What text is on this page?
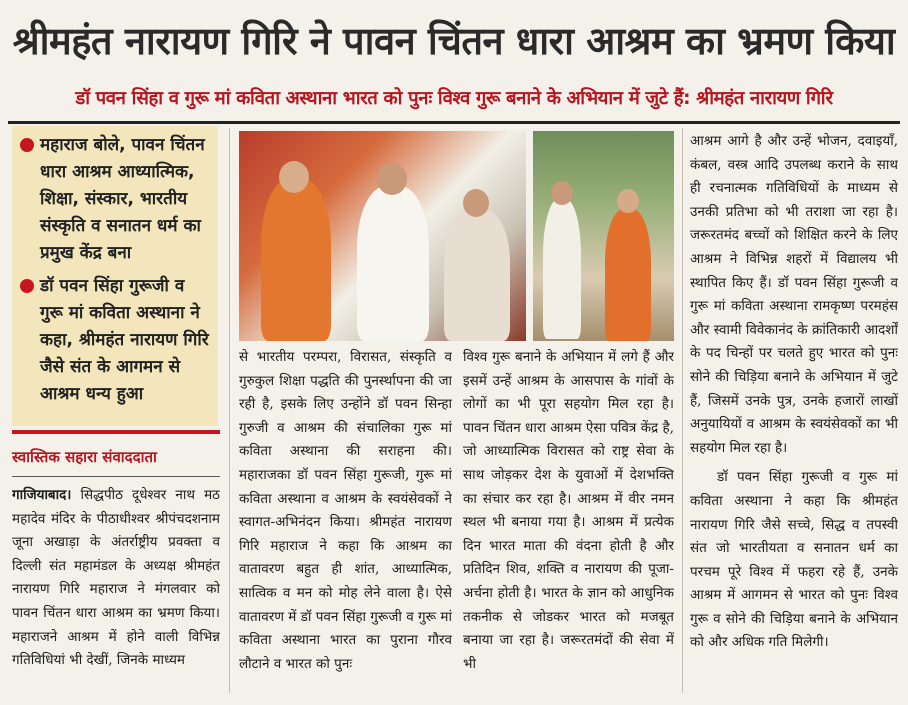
श्रीमहंत नारायण गिरि ने पावन चिंतन धारा आश्रम का भ्रमण किया
डॉ पवन सिंहा व गुरू मां कविता अस्थाना भारत को पुनः विश्व गुरू बनाने के अभियान में जुटे हैं: श्रीमहंत नारायण गिरि
महाराज बोले, पावन चिंतन धारा आश्रम आध्यात्मिक, शिक्षा, संस्कार, भारतीय संस्कृति व सनातन धर्म का प्रमुख केंद्र बना
डॉ पवन सिंहा गुरूजी व गुरू मां कविता अस्थाना ने कहा, श्रीमहंत नारायण गिरि जैसे संत के आगमन से आश्रम धन्य हुआ
स्वास्तिक सहारा संवाददाता

गाजियाबाद। सिद्धपीठ दूधेश्वर नाथ मठ महादेव मंदिर के पीठाधीश्वर श्रीपंचदशनाम जूना अखाड़ा के अंतर्राष्ट्रीय प्रवक्ता व दिल्ली संत महामंडल के अध्यक्ष श्रीमहंत नारायण गिरि महाराज ने मंगलवार को पावन चिंतन धारा आश्रम का भ्रमण किया। महाराजने आश्रम में होने वाली विभिन्न गतिविधियां भी देखीं, जिनके माध्यम

से भारतीय परम्परा, विरासत, संस्कृति व गुरुकुल शिक्षा पद्धति की पुनर्स्थापना की जा रही है, इसके लिए उन्होंने डॉ पवन सिन्हा गुरुजी व आश्रम की संचालिका गुरू मां कविता अस्थाना की सराहना की। महाराजका डॉ पवन सिंहा गुरूजी, गुरू मां कविता अस्थाना व आश्रम के स्वयंसेवकों ने स्वागत-अभिनंदन किया। श्रीमहंत नारायण गिरि महाराज ने कहा कि आश्रम का वातावरण बहुत ही शांत, आध्यात्मिक, सात्विक व मन को मोह लेने वाला है। ऐसे वातावरण में डॉ पवन सिंहा गुरूजी व गुरू मां कविता अस्थाना भारत का पुराना गौरव लौटाने व भारत को पुनः

विश्व गुरू बनाने के अभियान में लगे हैं और इसमें उन्हें आश्रम के आसपास के गांवों के लोगों का भी पूरा सहयोग मिल रहा है। पावन चिंतन धारा आश्रम ऐसा पवित्र केंद्र है, जो आध्यात्मिक विरासत को राष्ट्र सेवा के साथ जोड़कर देश के युवाओं में देशभक्ति का संचार कर रहा है। आश्रम में वीर नमन स्थल भी बनाया गया है। आश्रम में प्रत्येक दिन भारत माता की वंदना होती है और प्रतिदिन शिव, शक्ति व नारायण की पूजा-अर्चना होती है। भारत के ज्ञान को आधुनिक तकनीक से जोडकर भारत को मजबूत बनाया जा रहा है। जरूरतमंदों की सेवा में भी

आश्रम आगे है और उन्हें भोजन, दवाइयाँ, कंबल, वस्त्र आदि उपलब्ध कराने के साथ ही रचनात्मक गतिविधियों के माध्यम से उनकी प्रतिभा को भी तराशा जा रहा है। जरूरतमंद बच्चों को शिक्षित करने के लिए आश्रम ने विभिन्न शहरों में विद्यालय भी स्थापित किए हैं। डॉ पवन सिंहा गुरूजी व गुरू मां कविता अस्थाना रामकृष्ण परमहंस और स्वामी विवेकानंद के क्रांतिकारी आदर्शों के पद चिन्हों पर चलते हुए भारत को पुनः सोने की चिड़िया बनाने के अभियान में जुटे हैं, जिसमें उनके पुत्र, उनके हजारों लाखों अनुयायियों व आश्रम के स्वयंसेवकों का भी सहयोग मिल रहा है।

डॉ पवन सिंहा गुरूजी व गुरू मां कविता अस्थाना ने कहा कि श्रीमहंत नारायण गिरि जैसे सच्चे, सिद्ध व तपस्वी संत जो भारतीयता व सनातन धर्म का परचम पूरे विश्व में फहरा रहे हैं, उनके आश्रम में आगमन से भारत को पुनः विश्व गुरू व सोने की चिड़िया बनाने के अभियान को और अधिक गति मिलेगी।
